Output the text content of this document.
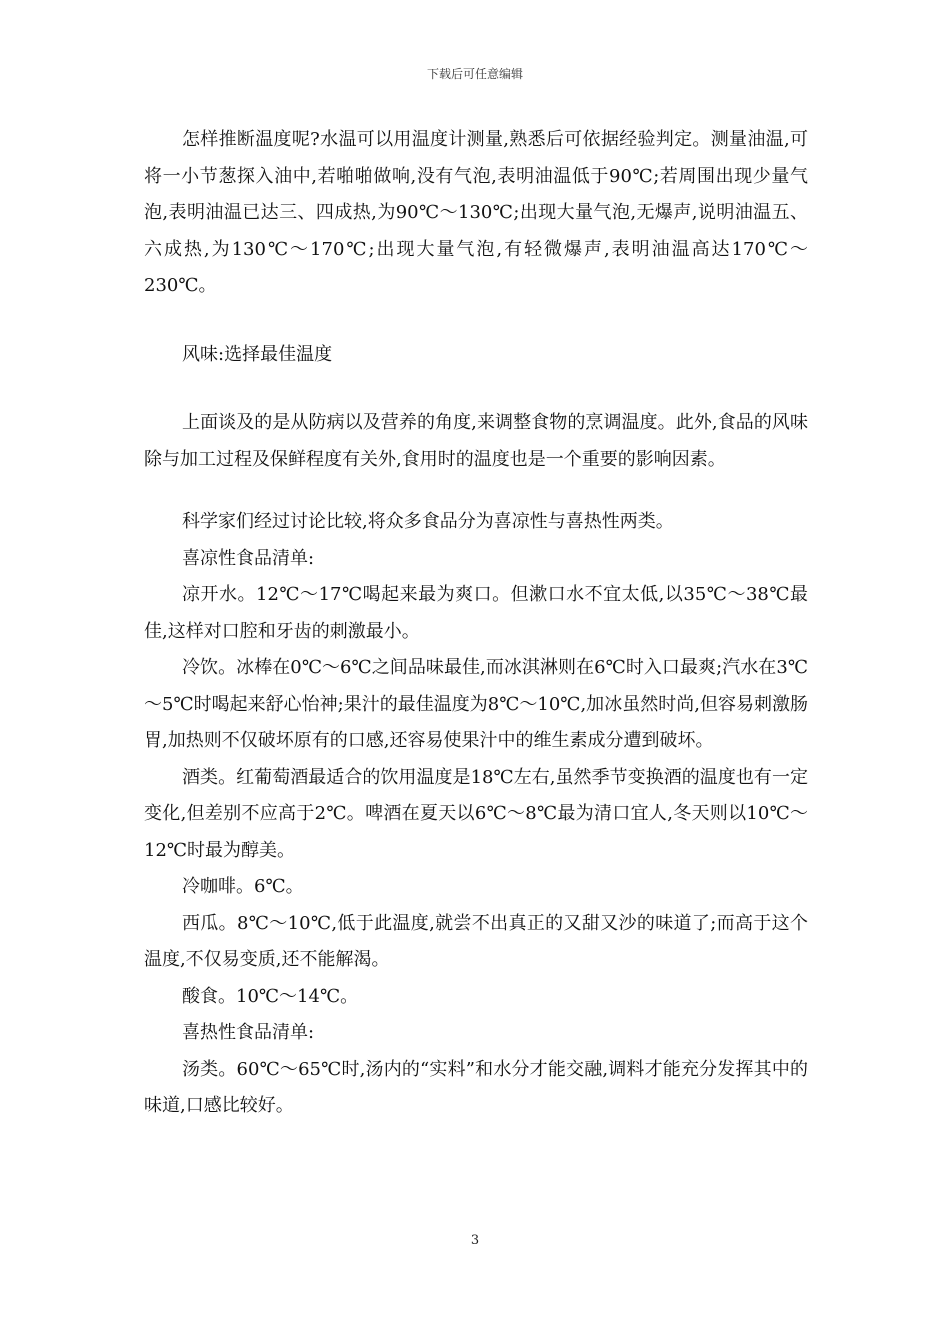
下载后可任意编辑

怎样推断温度呢?水温可以用温度计测量,熟悉后可依据经验判定。测量油温,可将一小节葱探入油中,若啪啪做响,没有气泡,表明油温低于90℃;若周围出现少量气泡,表明油温已达三、四成热,为90℃～130℃;出现大量气泡,无爆声,说明油温五、六成热,为130℃～170℃;出现大量气泡,有轻微爆声,表明油温高达170℃～230℃。

风味:选择最佳温度

上面谈及的是从防病以及营养的角度,来调整食物的烹调温度。此外,食品的风味除与加工过程及保鲜程度有关外,食用时的温度也是一个重要的影响因素。

科学家们经过讨论比较,将众多食品分为喜凉性与喜热性两类。

喜凉性食品清单:

凉开水。12℃～17℃喝起来最为爽口。但漱口水不宜太低,以35℃～38℃最佳,这样对口腔和牙齿的刺激最小。

冷饮。冰棒在0℃～6℃之间品味最佳,而冰淇淋则在6℃时入口最爽;汽水在3℃～5℃时喝起来舒心怡神;果汁的最佳温度为8℃～10℃,加冰虽然时尚,但容易刺激肠胃,加热则不仅破坏原有的口感,还容易使果汁中的维生素成分遭到破坏。

酒类。红葡萄酒最适合的饮用温度是18℃左右,虽然季节变换酒的温度也有一定变化,但差别不应高于2℃。啤酒在夏天以6℃～8℃最为清口宜人,冬天则以10℃～12℃时最为醇美。

冷咖啡。6℃。

西瓜。8℃～10℃,低于此温度,就尝不出真正的又甜又沙的味道了;而高于这个温度,不仅易变质,还不能解渴。

酸食。10℃～14℃。

喜热性食品清单:

汤类。60℃～65℃时,汤内的“实料”和水分才能交融,调料才能充分发挥其中的味道,口感比较好。

3
